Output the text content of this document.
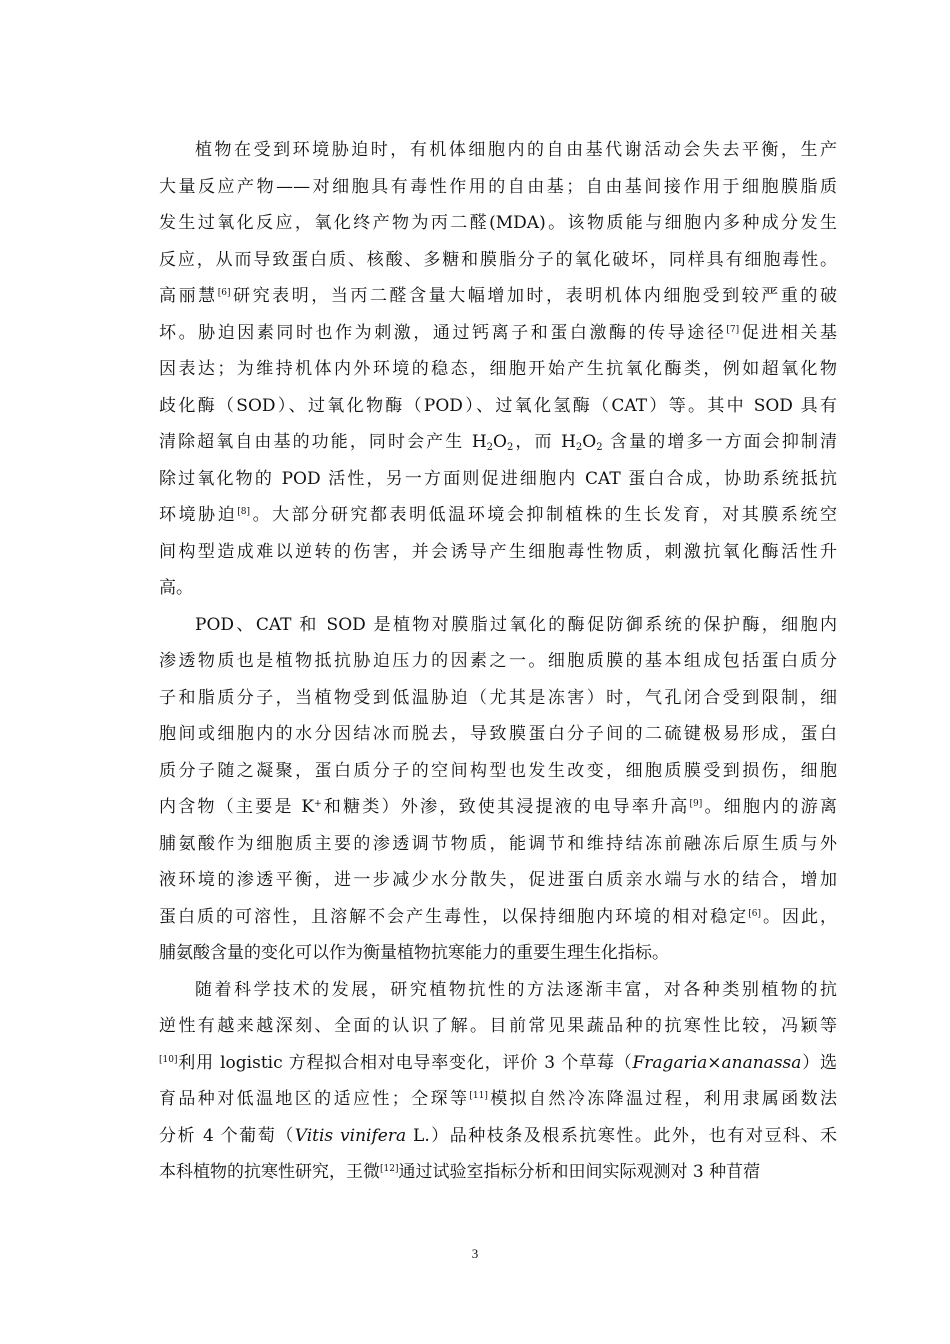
植物在受到环境胁迫时，有机体细胞内的自由基代谢活动会失去平衡，生产
大量反应产物——对细胞具有毒性作用的自由基；自由基间接作用于细胞膜脂质
发生过氧化反应，氧化终产物为丙二醛(MDA)。该物质能与细胞内多种成分发生
反应，从而导致蛋白质、核酸、多糖和膜脂分子的氧化破坏，同样具有细胞毒性。
高丽慧[6]研究表明，当丙二醛含量大幅增加时，表明机体内细胞受到较严重的破
坏。胁迫因素同时也作为刺激，通过钙离子和蛋白激酶的传导途径[7]促进相关基
因表达；为维持机体内外环境的稳态，细胞开始产生抗氧化酶类，例如超氧化物
歧化酶（SOD）、过氧化物酶（POD）、过氧化氢酶（CAT）等。其中 SOD 具有
清除超氧自由基的功能，同时会产生 $H_2O_2$，而 $H_2O_2$ 含量的增多一方面会抑制清
除过氧化物的 POD 活性，另一方面则促进细胞内 CAT 蛋白合成，协助系统抵抗
环境胁迫[8]。大部分研究都表明低温环境会抑制植株的生长发育，对其膜系统空
间构型造成难以逆转的伤害，并会诱导产生细胞毒性物质，刺激抗氧化酶活性升
高。
POD、CAT 和 SOD 是植物对膜脂过氧化的酶促防御系统的保护酶，细胞内
渗透物质也是植物抵抗胁迫压力的因素之一。细胞质膜的基本组成包括蛋白质分
子和脂质分子，当植物受到低温胁迫（尤其是冻害）时，气孔闭合受到限制，细
胞间或细胞内的水分因结冰而脱去，导致膜蛋白分子间的二硫键极易形成，蛋白
质分子随之凝聚，蛋白质分子的空间构型也发生改变，细胞质膜受到损伤，细胞
内含物（主要是 K+和糖类）外渗，致使其浸提液的电导率升高[9]。细胞内的游离
脯氨酸作为细胞质主要的渗透调节物质，能调节和维持结冻前融冻后原生质与外
液环境的渗透平衡，进一步减少水分散失，促进蛋白质亲水端与水的结合，增加
蛋白质的可溶性，且溶解不会产生毒性，以保持细胞内环境的相对稳定[6]。因此，
脯氨酸含量的变化可以作为衡量植物抗寒能力的重要生理生化指标。
随着科学技术的发展，研究植物抗性的方法逐渐丰富，对各种类别植物的抗
逆性有越来越深刻、全面的认识了解。目前常见果蔬品种的抗寒性比较，冯颖等
[10]利用 logistic 方程拟合相对电导率变化，评价 3 个草莓（Fragaria×ananassa）选
育品种对低温地区的适应性；仝琛等[11]模拟自然冷冻降温过程，利用隶属函数法
分析 4 个葡萄（Vitis vinifera L.）品种枝条及根系抗寒性。此外，也有对豆科、禾
本科植物的抗寒性研究，王微[12]通过试验室指标分析和田间实际观测对 3 种苜蓿
3
